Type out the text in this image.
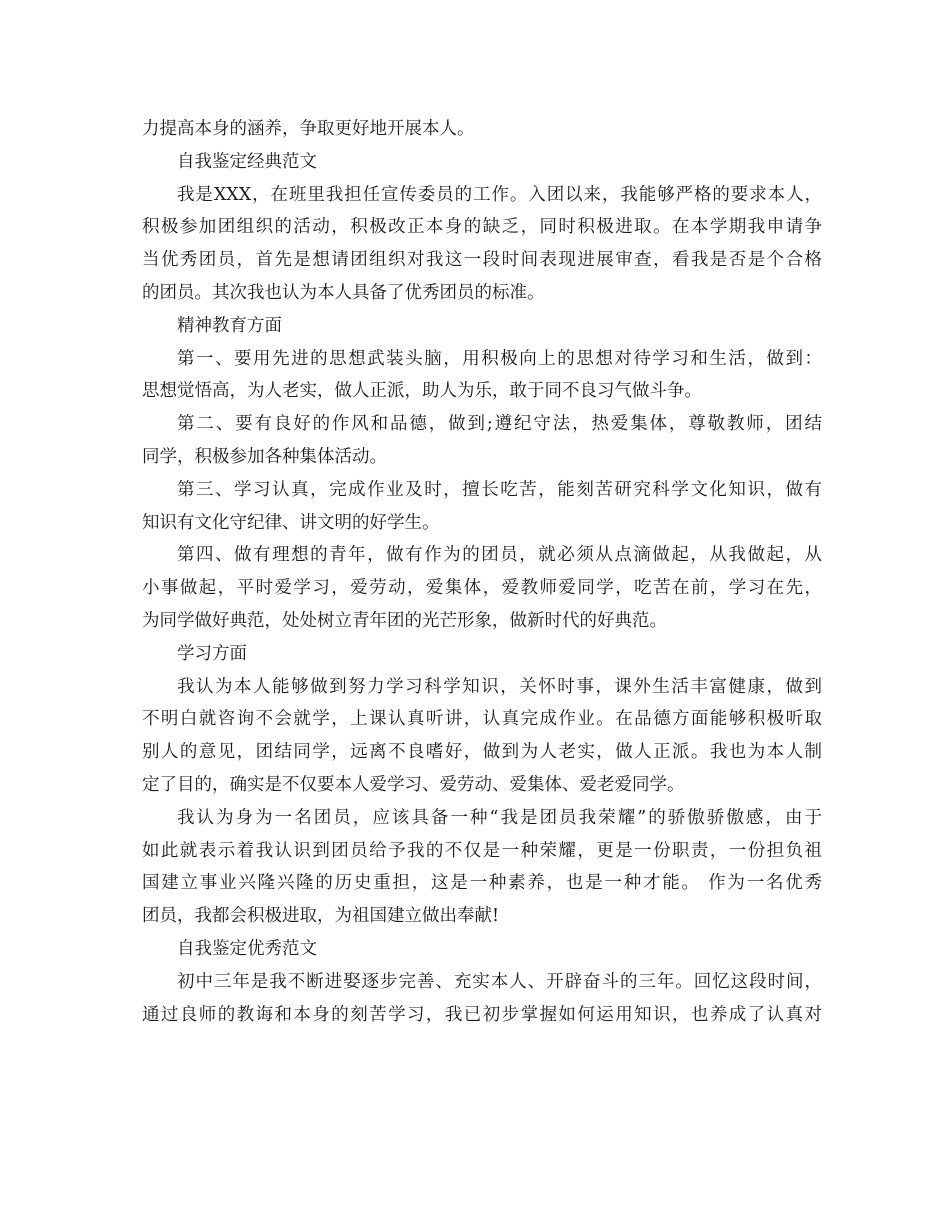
力提高本身的涵养，争取更好地开展本人。
自我鉴定经典范文
我是XXX，在班里我担任宣传委员的工作。入团以来，我能够严格的要求本人，
积极参加团组织的活动，积极改正本身的缺乏，同时积极进取。在本学期我申请争
当优秀团员，首先是想请团组织对我这一段时间表现进展审查，看我是否是个合格
的团员。其次我也认为本人具备了优秀团员的标准。
精神教育方面
第一、要用先进的思想武装头脑，用积极向上的思想对待学习和生活，做到：
思想觉悟高，为人老实，做人正派，助人为乐，敢于同不良习气做斗争。
第二、要有良好的作风和品德，做到;遵纪守法，热爱集体，尊敬教师，团结
同学，积极参加各种集体活动。
第三、学习认真，完成作业及时，擅长吃苦，能刻苦研究科学文化知识，做有
知识有文化守纪律、讲文明的好学生。
第四、做有理想的青年，做有作为的团员，就必须从点滴做起，从我做起，从
小事做起，平时爱学习，爱劳动，爱集体，爱教师爱同学，吃苦在前，学习在先，
为同学做好典范，处处树立青年团的光芒形象，做新时代的好典范。
学习方面
我认为本人能够做到努力学习科学知识，关怀时事，课外生活丰富健康，做到
不明白就咨询不会就学，上课认真听讲，认真完成作业。在品德方面能够积极听取
别人的意见，团结同学，远离不良嗜好，做到为人老实，做人正派。我也为本人制
定了目的，确实是不仅要本人爱学习、爱劳动、爱集体、爱老爱同学。
我认为身为一名团员，应该具备一种“我是团员我荣耀”的骄傲骄傲感，由于
如此就表示着我认识到团员给予我的不仅是一种荣耀，更是一份职责，一份担负祖
国建立事业兴隆兴隆的历史重担，这是一种素养，也是一种才能。 作为一名优秀
团员，我都会积极进取，为祖国建立做出奉献!
自我鉴定优秀范文
初中三年是我不断进娶逐步完善、充实本人、开辟奋斗的三年。回忆这段时间，
通过良师的教诲和本身的刻苦学习，我已初步掌握如何运用知识，也养成了认真对
